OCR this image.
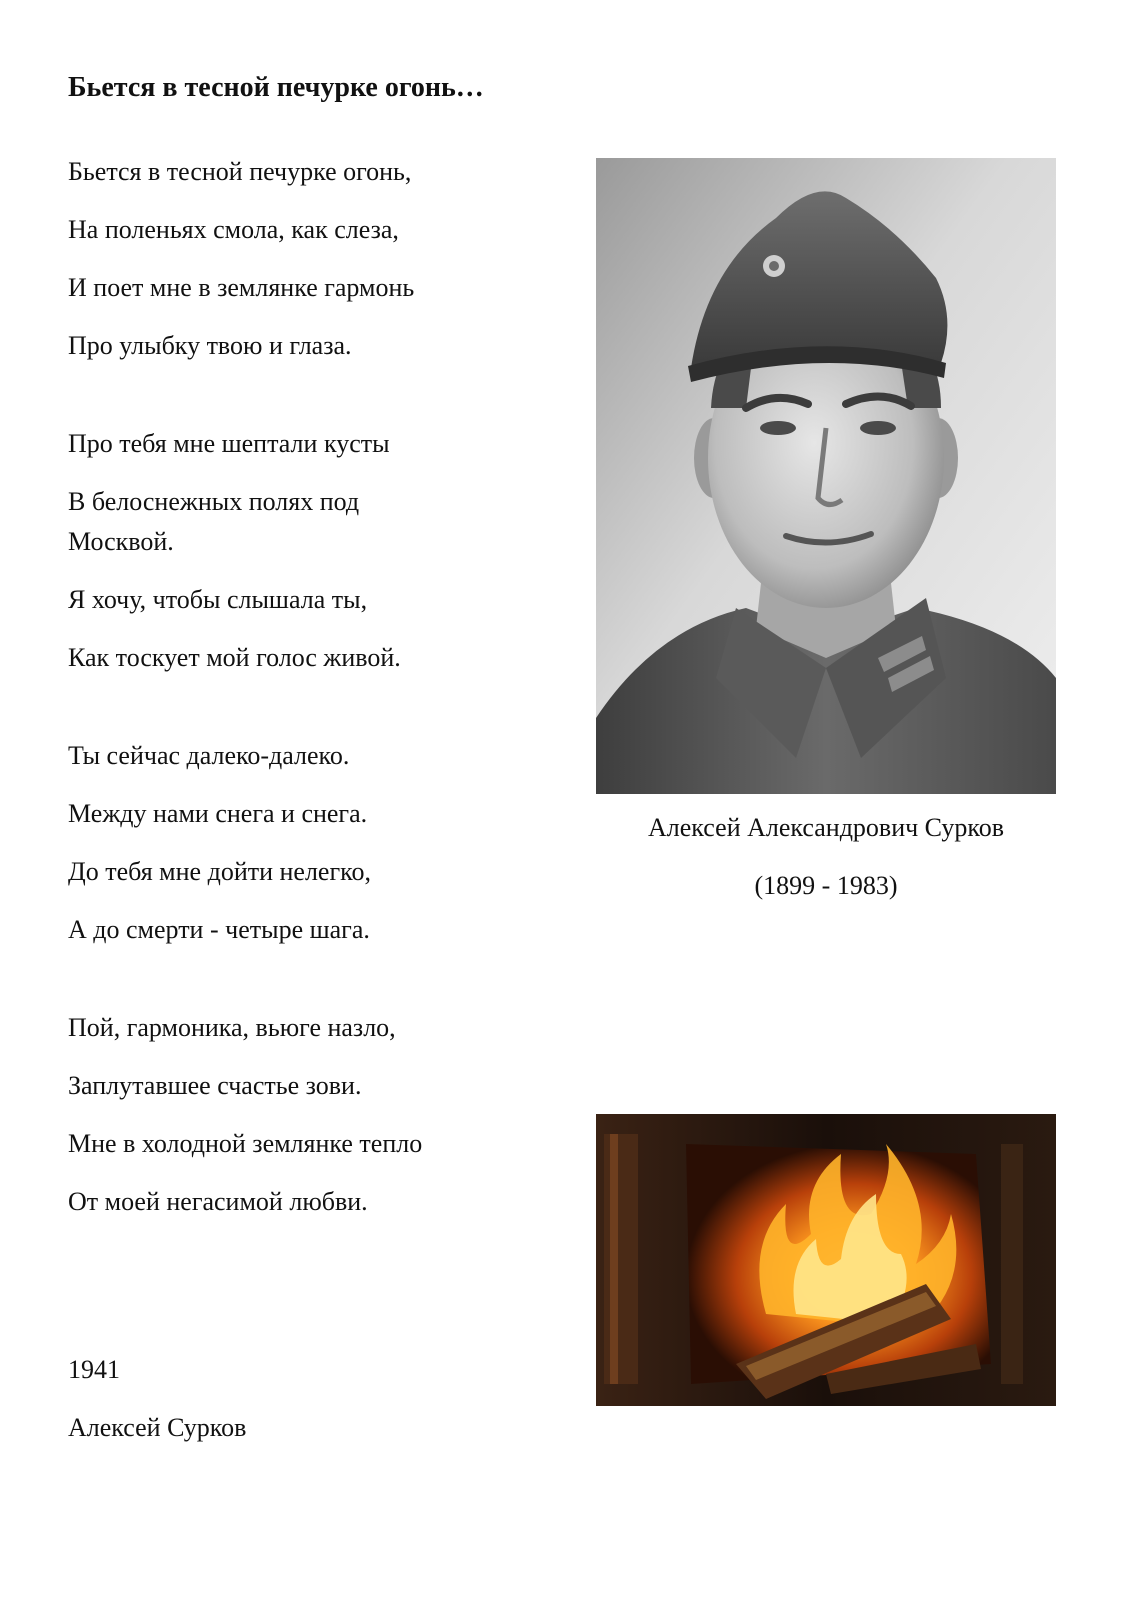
Бьется в тесной печурке огонь…
Бьется в тесной печурке огонь,
На поленьях смола, как слеза,
И поет мне в землянке гармонь
Про улыбку твою и глаза.
Про тебя мне шептали кусты
В белоснежных полях под
Москвой.
Я хочу, чтобы слышала ты,
Как тоскует мой голос живой.
Ты сейчас далеко-далеко.
Между нами снега и снега.
До тебя мне дойти нелегко,
А до смерти - четыре шага.
Пой, гармоника, вьюге назло,
Заплутавшее счастье зови.
Мне в холодной землянке тепло
От моей негасимой любви.
1941
Алексей Сурков
Алексей Александрович Сурков
(1899 - 1983)
